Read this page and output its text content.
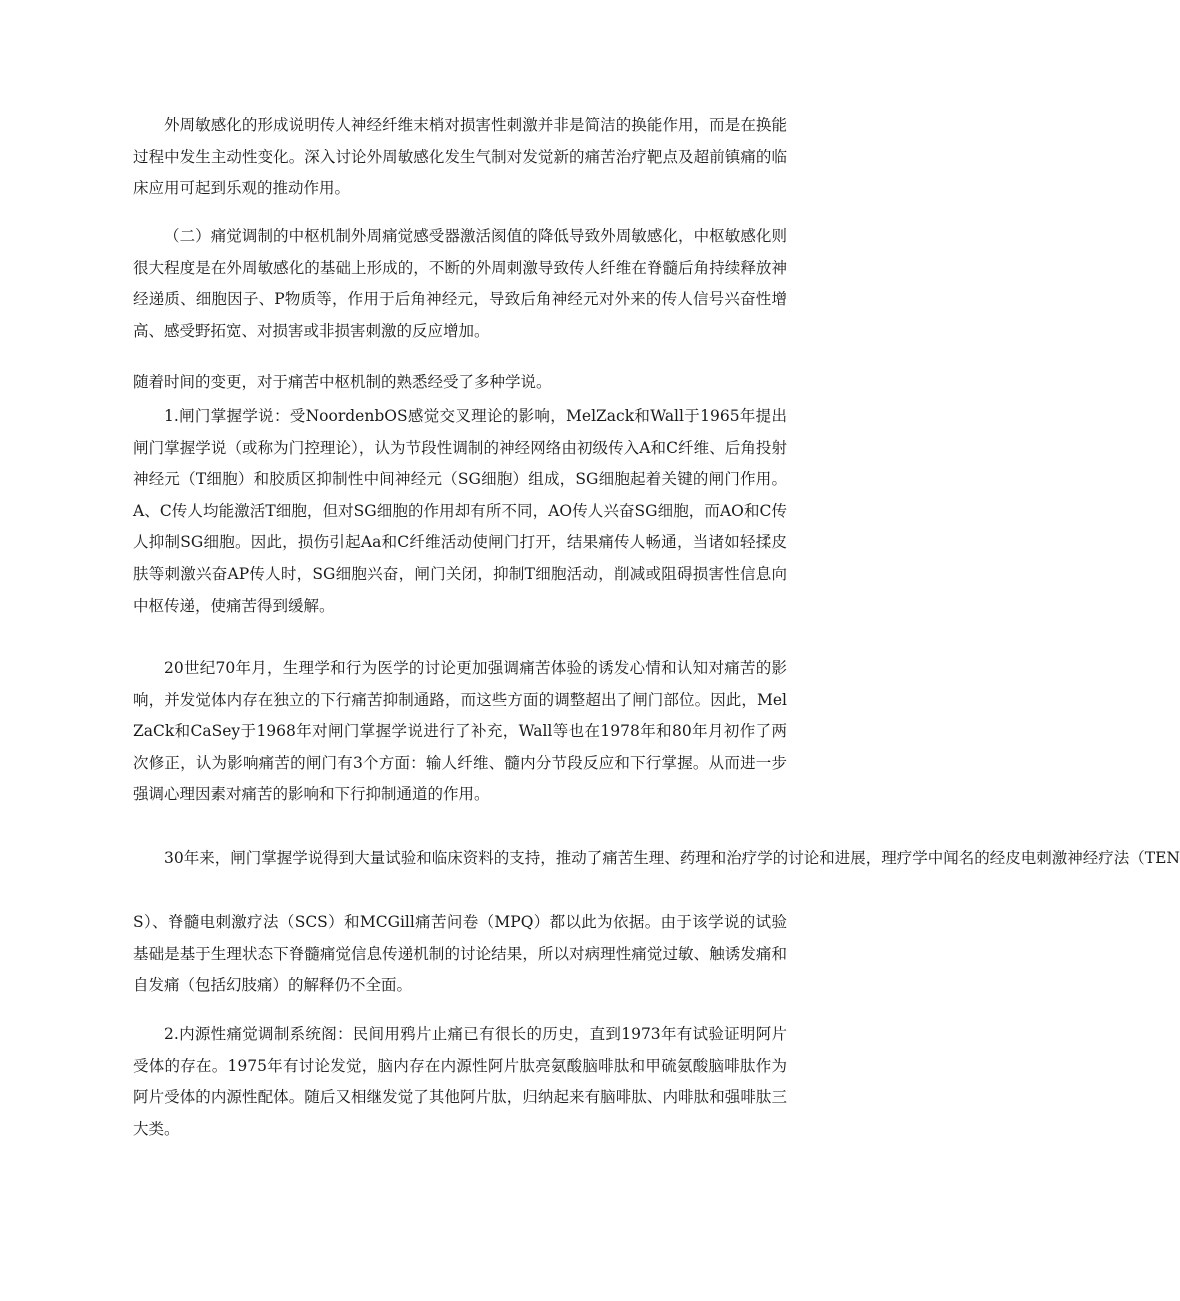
外周敏感化的形成说明传人神经纤维末梢对损害性刺激并非是简洁的换能作用，而是在换能过程中发生主动性变化。深入讨论外周敏感化发生气制对发觉新的痛苦治疗靶点及超前镇痛的临床应用可起到乐观的推动作用。

（二）痛觉调制的中枢机制外周痛觉感受器激活阂值的降低导致外周敏感化，中枢敏感化则很大程度是在外周敏感化的基础上形成的，不断的外周刺激导致传人纤维在脊髓后角持续释放神经递质、细胞因子、P物质等，作用于后角神经元，导致后角神经元对外来的传人信号兴奋性增高、感受野拓宽、对损害或非损害刺激的反应增加。

随着时间的变更，对于痛苦中枢机制的熟悉经受了多种学说。

1.闸门掌握学说：受NoordenbOS感觉交叉理论的影响，MelZack和Wall于1965年提出闸门掌握学说（或称为门控理论），认为节段性调制的神经网络由初级传入A和C纤维、后角投射神经元（T细胞）和胶质区抑制性中间神经元（SG细胞）组成，SG细胞起着关键的闸门作用。A、C传人均能激活T细胞，但对SG细胞的作用却有所不同，AO传人兴奋SG细胞，而AO和C传人抑制SG细胞。因此，损伤引起Aa和C纤维活动使闸门打开，结果痛传人畅通，当诸如轻揉皮肤等刺激兴奋AP传人时，SG细胞兴奋，闸门关闭，抑制T细胞活动，削减或阻碍损害性信息向中枢传递，使痛苦得到缓解。

20世纪70年月，生理学和行为医学的讨论更加强调痛苦体验的诱发心情和认知对痛苦的影响，并发觉体内存在独立的下行痛苦抑制通路，而这些方面的调整超出了闸门部位。因此，MelZaCk和CaSey于1968年对闸门掌握学说进行了补充，Wall等也在1978年和80年月初作了两次修正，认为影响痛苦的闸门有3个方面：输人纤维、髓内分节段反应和下行掌握。从而进一步强调心理因素对痛苦的影响和下行抑制通道的作用。

30年来，闸门掌握学说得到大量试验和临床资料的支持，推动了痛苦生理、药理和治疗学的讨论和进展，理疗学中闻名的经皮电刺激神经疗法（TEN

S）、脊髓电刺激疗法（SCS）和MCGill痛苦问卷（MPQ）都以此为依据。由于该学说的试验基础是基于生理状态下脊髓痛觉信息传递机制的讨论结果，所以对病理性痛觉过敏、触诱发痛和自发痛（包括幻肢痛）的解释仍不全面。

2.内源性痛觉调制系统阁：民间用鸦片止痛已有很长的历史，直到1973年有试验证明阿片受体的存在。1975年有讨论发觉，脑内存在内源性阿片肽亮氨酸脑啡肽和甲硫氨酸脑啡肽作为阿片受体的内源性配体。随后又相继发觉了其他阿片肽，归纳起来有脑啡肽、内啡肽和强啡肽三大类。
